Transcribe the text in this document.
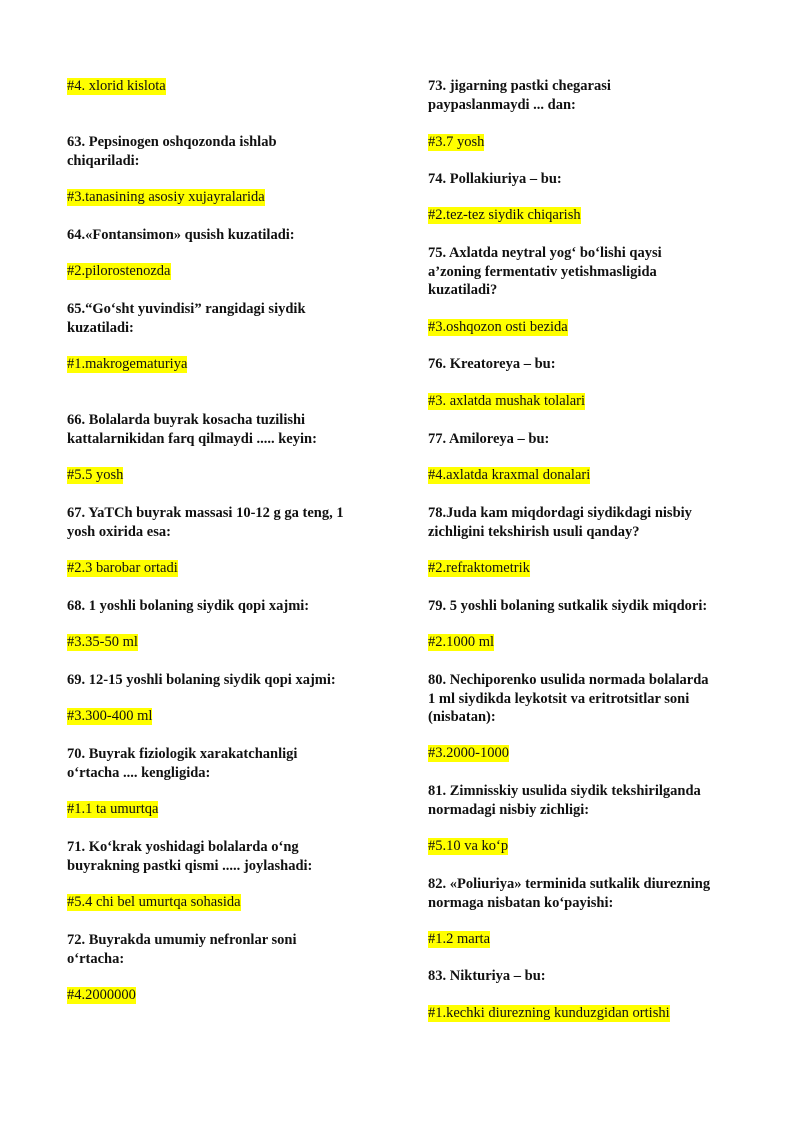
#4. xlorid kislota
63. Pepsinogen oshqozonda ishlab
chiqariladi:
#3.tanasining asosiy xujayralarida
64.«Fontansimon» qusish kuzatiladi:
#2.pilorostenozda
65.“Go‘sht yuvindisi” rangidagi siydik
kuzatiladi:
#1.makrogematuriya
66. Bolalarda buyrak kosacha tuzilishi
kattalarnikidan farq qilmaydi ..... keyin:
#5.5 yosh
67. YaTCh buyrak massasi 10-12 g ga teng, 1
yosh oxirida esa:
#2.3 barobar ortadi
68. 1 yoshli bolaning siydik qopi xajmi:
#3.35-50 ml
69. 12-15 yoshli bolaning siydik qopi xajmi:
#3.300-400 ml
70. Buyrak fiziologik xarakatchanligi
o‘rtacha .... kengligida:
#1.1 ta umurtqa
71. Ko‘krak yoshidagi bolalarda o‘ng
buyrakning pastki qismi ..... joylashadi:
#5.4 chi bel umurtqa sohasida
72. Buyrakda umumiy nefronlar soni
o‘rtacha:
#4.2000000
73. jigarning pastki chegarasi
paypaslanmaydi ... dan:
#3.7 yosh
74. Pollakiuriya – bu:
#2.tez-tez siydik chiqarish
75. Axlatda neytral yog‘ bo‘lishi qaysi
a’zoning fermentativ yetishmasligida
kuzatiladi?
#3.oshqozon osti bezida
76. Kreatoreya – bu:
#3. axlatda mushak tolalari
77. Amiloreya – bu:
#4.axlatda kraxmal donalari
78.Juda kam miqdordagi siydikdagi nisbiy
zichligini tekshirish usuli qanday?
#2.refraktometrik
79. 5 yoshli bolaning sutkalik siydik miqdori:
#2.1000 ml
80. Nechiporenko usulida normada bolalarda
1 ml siydikda leykotsit va eritrotsitlar soni
(nisbatan):
#3.2000-1000
81. Zimnisskiy usulida siydik tekshirilganda
normadagi nisbiy zichligi:
#5.10 va ko‘p
82. «Poliuriya» terminida sutkalik diurezning
normaga nisbatan ko‘payishi:
#1.2 marta
83. Nikturiya – bu:
#1.kechki diurezning kunduzgidan ortishi
